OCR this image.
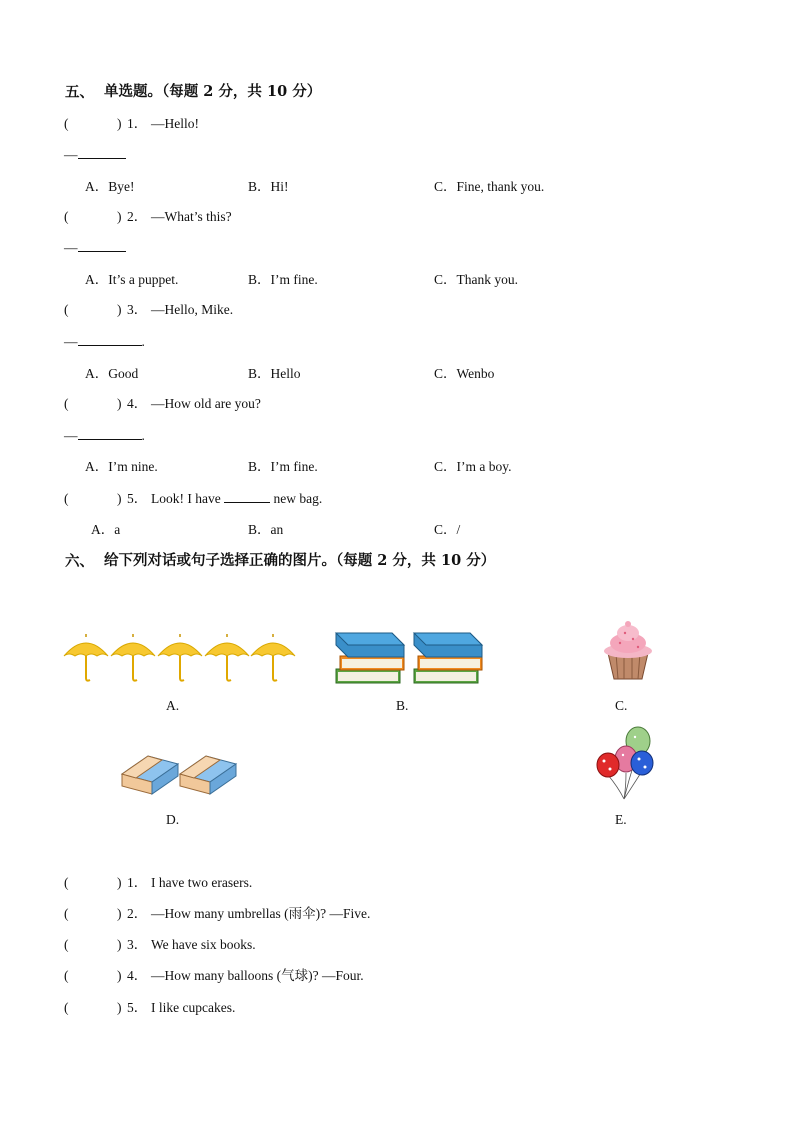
五、 单选题。（每题 2 分，共 10 分）
(	) 1． —Hello!
—
A．Bye!	B．Hi!	C．Fine, thank you.
(	) 2． —What’s this?
—
A．It’s a puppet.	B．I’m fine.	C．Thank you.
(	) 3． —Hello, Mike.
—	.
A．Good	B．Hello	C．Wenbo
(	) 4． —How old are you?
—	.
A．I’m nine.	B．I’m fine.	C．I’m a boy.
(	) 5． Look! I have	new bag.
A．a	B．an	C．/
六、 给下列对话或句子选择正确的图片。（每题 2 分，共 10 分）
A.	B.	C.
D.	E.
(	) 1． I have two erasers.
(	) 2． —How many umbrellas (雨伞)? —Five.
(	) 3． We have six books.
(	) 4． —How many balloons (气球)? —Four.
(	) 5． I like cupcakes.
